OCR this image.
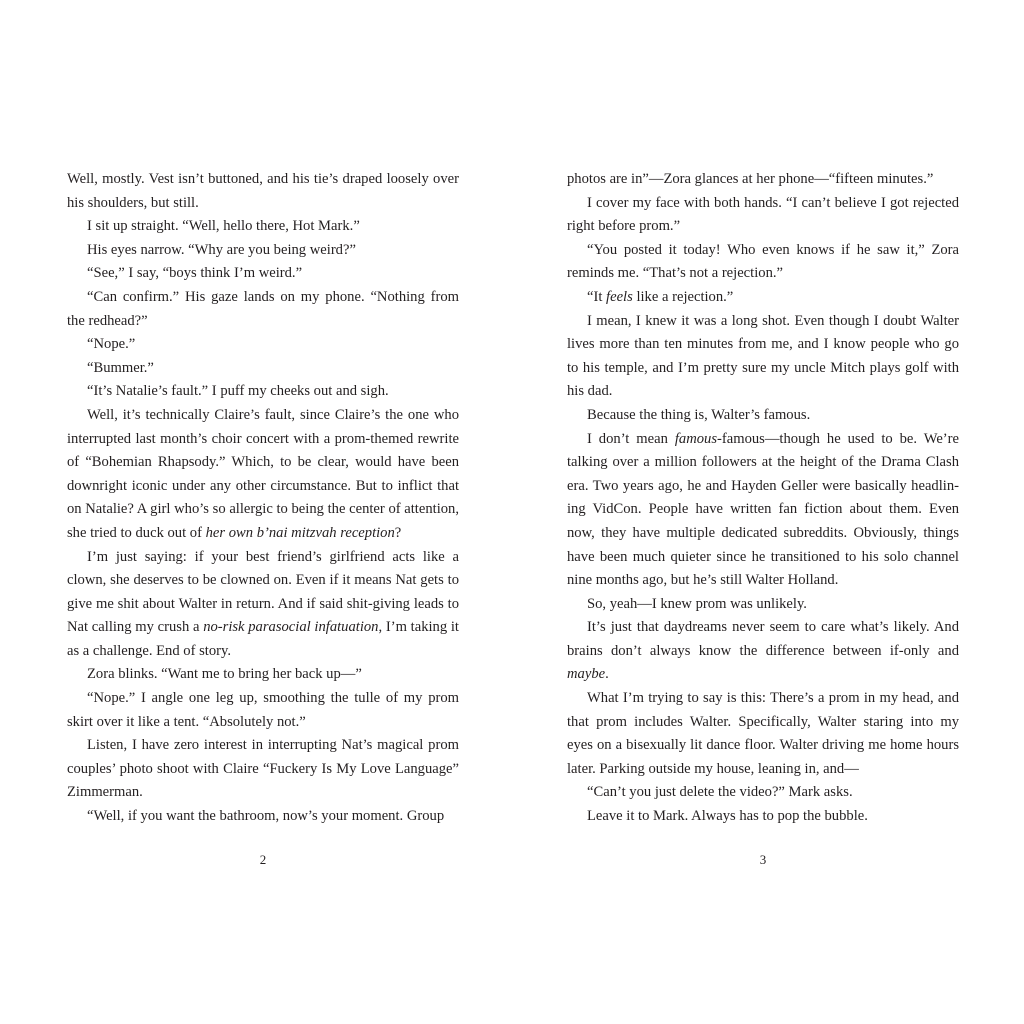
Well, mostly. Vest isn’t buttoned, and his tie’s draped loosely over his shoulders, but still.

I sit up straight. “Well, hello there, Hot Mark.”

His eyes narrow. “Why are you being weird?”

“See,” I say, “boys think I’m weird.”

“Can confirm.” His gaze lands on my phone. “Nothing from the redhead?”

“Nope.”

“Bummer.”

“It’s Natalie’s fault.” I puff my cheeks out and sigh.

Well, it’s technically Claire’s fault, since Claire’s the one who interrupted last month’s choir concert with a prom-themed rewrite of “Bohemian Rhapsody.” Which, to be clear, would have been downright iconic under any other circumstance. But to inflict that on Natalie? A girl who’s so allergic to being the center of attention, she tried to duck out of her own b’nai mitzvah reception?

I’m just saying: if your best friend’s girlfriend acts like a clown, she deserves to be clowned on. Even if it means Nat gets to give me shit about Walter in return. And if said shit-giving leads to Nat calling my crush a no-risk parasocial infatuation, I’m taking it as a challenge. End of story.

Zora blinks. “Want me to bring her back up—”

“Nope.” I angle one leg up, smoothing the tulle of my prom skirt over it like a tent. “Absolutely not.”

Listen, I have zero interest in interrupting Nat’s magical prom couples’ photo shoot with Claire “Fuckery Is My Love Language” Zimmerman.

“Well, if you want the bathroom, now’s your moment. Group

2

photos are in”—Zora glances at her phone—“fifteen minutes.”

I cover my face with both hands. “I can’t believe I got rejected right before prom.”

“You posted it today! Who even knows if he saw it,” Zora reminds me. “That’s not a rejection.”

“It feels like a rejection.”

I mean, I knew it was a long shot. Even though I doubt Walter lives more than ten minutes from me, and I know people who go to his temple, and I’m pretty sure my uncle Mitch plays golf with his dad.

Because the thing is, Walter’s famous.

I don’t mean famous-famous—though he used to be. We’re talking over a million followers at the height of the Drama Clash era. Two years ago, he and Hayden Geller were basically headlining VidCon. People have written fan fiction about them. Even now, they have multiple dedicated subreddits. Obviously, things have been much quieter since he transitioned to his solo channel nine months ago, but he’s still Walter Holland.

So, yeah—I knew prom was unlikely.

It’s just that daydreams never seem to care what’s likely. And brains don’t always know the difference between if-only and maybe.

What I’m trying to say is this: There’s a prom in my head, and that prom includes Walter. Specifically, Walter staring into my eyes on a bisexually lit dance floor. Walter driving me home hours later. Parking outside my house, leaning in, and—

“Can’t you just delete the video?” Mark asks.

Leave it to Mark. Always has to pop the bubble.

3
